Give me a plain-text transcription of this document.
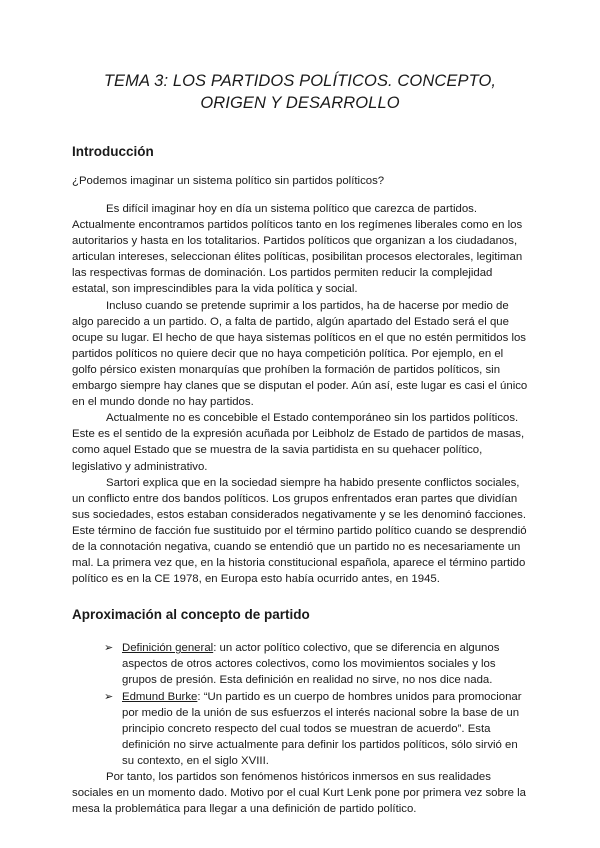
TEMA 3: LOS PARTIDOS POLÍTICOS. CONCEPTO, ORIGEN Y DESARROLLO
Introducción

¿Podemos imaginar un sistema político sin partidos políticos?

Es difícil imaginar hoy en día un sistema político que carezca de partidos. Actualmente encontramos partidos políticos tanto en los regímenes liberales como en los autoritarios y hasta en los totalitarios. Partidos políticos que organizan a los ciudadanos, articulan intereses, seleccionan élites políticas, posibilitan procesos electorales, legitiman las respectivas formas de dominación. Los partidos permiten reducir la complejidad estatal, son imprescindibles para la vida política y social.

Incluso cuando se pretende suprimir a los partidos, ha de hacerse por medio de algo parecido a un partido. O, a falta de partido, algún apartado del Estado será el que ocupe su lugar. El hecho de que haya sistemas políticos en el que no estén permitidos los partidos políticos no quiere decir que no haya competición política. Por ejemplo, en el golfo pérsico existen monarquías que prohíben la formación de partidos políticos, sin embargo siempre hay clanes que se disputan el poder. Aún así, este lugar es casi el único en el mundo donde no hay partidos.

Actualmente no es concebible el Estado contemporáneo sin los partidos políticos. Este es el sentido de la expresión acuñada por Leibholz de Estado de partidos de masas, como aquel Estado que se muestra de la savia partidista en su quehacer político, legislativo y administrativo.

Sartori explica que en la sociedad siempre ha habido presente conflictos sociales, un conflicto entre dos bandos políticos. Los grupos enfrentados eran partes que dividían sus sociedades, estos estaban considerados negativamente y se les denominó facciones. Este término de facción fue sustituido por el término partido político cuando se desprendió de la connotación negativa, cuando se entendió que un partido no es necesariamente un mal. La primera vez que, en la historia constitucional española, aparece el término partido político es en la CE 1978, en Europa esto había ocurrido antes, en 1945.

Aproximación al concepto de partido
➢ Definición general: un actor político colectivo, que se diferencia en algunos aspectos de otros actores colectivos, como los movimientos sociales y los grupos de presión. Esta definición en realidad no sirve, no nos dice nada.
➢ Edmund Burke: “Un partido es un cuerpo de hombres unidos para promocionar por medio de la unión de sus esfuerzos el interés nacional sobre la base de un principio concreto respecto del cual todos se muestran de acuerdo”. Esta definición no sirve actualmente para definir los partidos políticos, sólo sirvió en su contexto, en el siglo XVIII.

Por tanto, los partidos son fenómenos históricos inmersos en sus realidades sociales en un momento dado. Motivo por el cual Kurt Lenk pone por primera vez sobre la mesa la problemática para llegar a una definición de partido político.
